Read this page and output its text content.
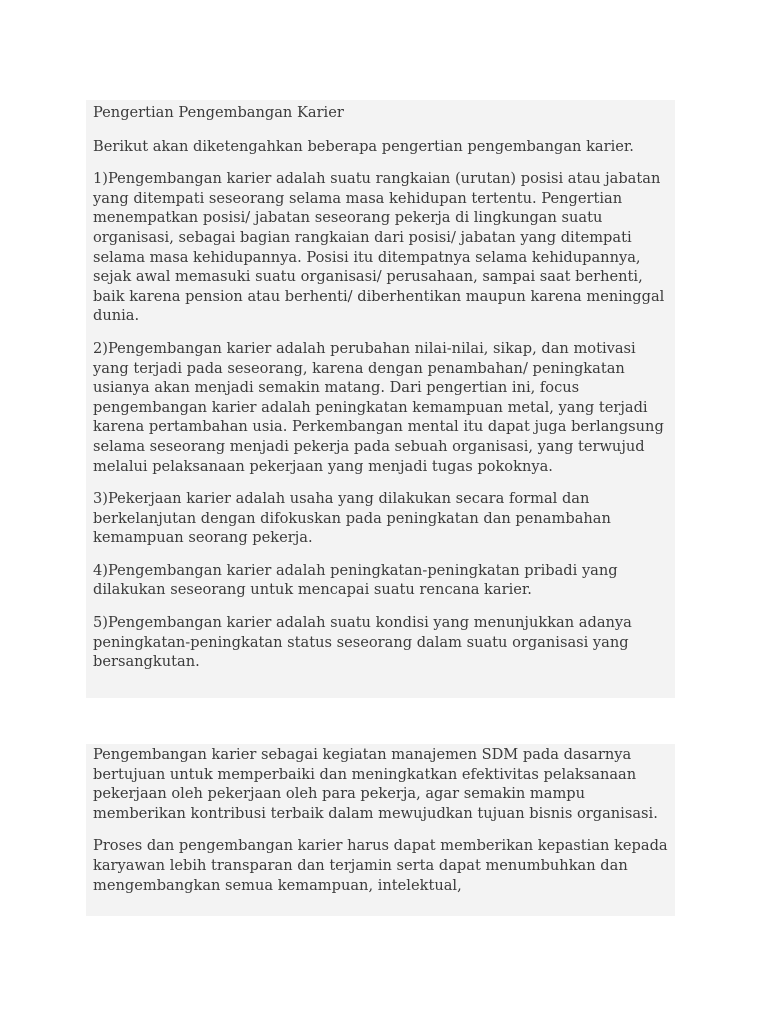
Pengertian Pengembangan Karier

Berikut akan diketengahkan beberapa pengertian pengembangan karier.

1)Pengembangan karier adalah suatu rangkaian (urutan) posisi atau jabatan yang ditempati seseorang selama masa kehidupan tertentu. Pengertian menempatkan posisi/ jabatan seseorang pekerja di lingkungan suatu organisasi, sebagai bagian rangkaian dari posisi/ jabatan yang ditempati selama masa kehidupannya. Posisi itu ditempatnya selama kehidupannya, sejak awal memasuki suatu organisasi/ perusahaan, sampai saat berhenti, baik karena pension atau berhenti/ diberhentikan maupun karena meninggal dunia.

2)Pengembangan karier adalah perubahan nilai-nilai, sikap, dan motivasi yang terjadi pada seseorang, karena dengan penambahan/ peningkatan usianya akan menjadi semakin matang. Dari pengertian ini, focus pengembangan karier adalah peningkatan kemampuan metal, yang terjadi karena pertambahan usia. Perkembangan mental itu dapat juga berlangsung selama seseorang menjadi pekerja pada sebuah organisasi, yang terwujud melalui pelaksanaan pekerjaan yang menjadi tugas pokoknya.

3)Pekerjaan karier adalah usaha yang dilakukan secara formal dan berkelanjutan dengan difokuskan pada peningkatan dan penambahan kemampuan seorang pekerja.

4)Pengembangan karier adalah peningkatan-peningkatan pribadi yang dilakukan seseorang untuk mencapai suatu rencana karier.

5)Pengembangan karier adalah suatu kondisi yang menunjukkan adanya peningkatan-peningkatan status seseorang dalam suatu organisasi yang bersangkutan.

Pengembangan karier sebagai kegiatan manajemen SDM pada dasarnya bertujuan untuk memperbaiki dan meningkatkan efektivitas pelaksanaan pekerjaan oleh pekerjaan oleh para pekerja, agar semakin mampu memberikan kontribusi terbaik dalam mewujudkan tujuan bisnis organisasi.

Proses dan pengembangan karier harus dapat memberikan kepastian kepada karyawan lebih transparan dan terjamin serta dapat menumbuhkan dan mengembangkan semua kemampuan, intelektual,
